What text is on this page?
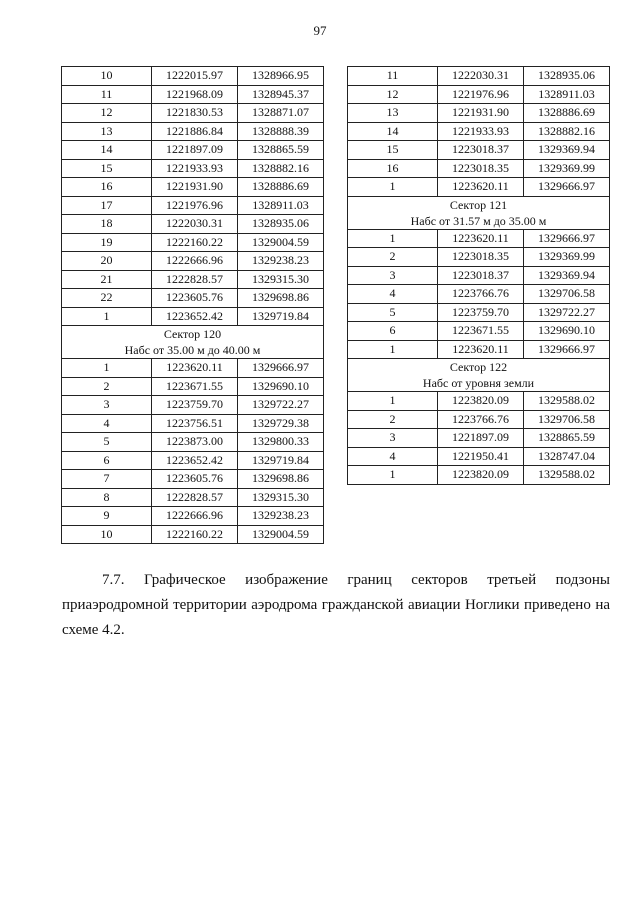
97
10	1222015.97	1328966.95
11	1221968.09	1328945.37
12	1221830.53	1328871.07
13	1221886.84	1328888.39
14	1221897.09	1328865.59
15	1221933.93	1328882.16
16	1221931.90	1328886.69
17	1221976.96	1328911.03
18	1222030.31	1328935.06
19	1222160.22	1329004.59
20	1222666.96	1329238.23
21	1222828.57	1329315.30
22	1223605.76	1329698.86
1	1223652.42	1329719.84

Сектор 120
Набс от 35.00 м до 40.00 м		

1	1223620.11	1329666.97
2	1223671.55	1329690.10
3	1223759.70	1329722.27
4	1223756.51	1329729.38
5	1223873.00	1329800.33
6	1223652.42	1329719.84
7	1223605.76	1329698.86
8	1222828.57	1329315.30
9	1222666.96	1329238.23
10	1222160.22	1329004.59
11	1222030.31	1328935.06
12	1221976.96	1328911.03
13	1221931.90	1328886.69
14	1221933.93	1328882.16
15	1223018.37	1329369.94
16	1223018.35	1329369.99
1	1223620.11	1329666.97

Сектор 121
Набс от 31.57 м до 35.00 м		

1	1223620.11	1329666.97
2	1223018.35	1329369.99
3	1223018.37	1329369.94
4	1223766.76	1329706.58
5	1223759.70	1329722.27
6	1223671.55	1329690.10
1	1223620.11	1329666.97

Сектор 122
Набс от уровня земли		

1	1223820.09	1329588.02
2	1223766.76	1329706.58
3	1221897.09	1328865.59
4	1221950.41	1328747.04
1	1223820.09	1329588.02
7.7. Графическое изображение границ секторов третьей подзоны приаэродромной территории аэродрома гражданской авиации Ноглики приведено на схеме 4.2.
